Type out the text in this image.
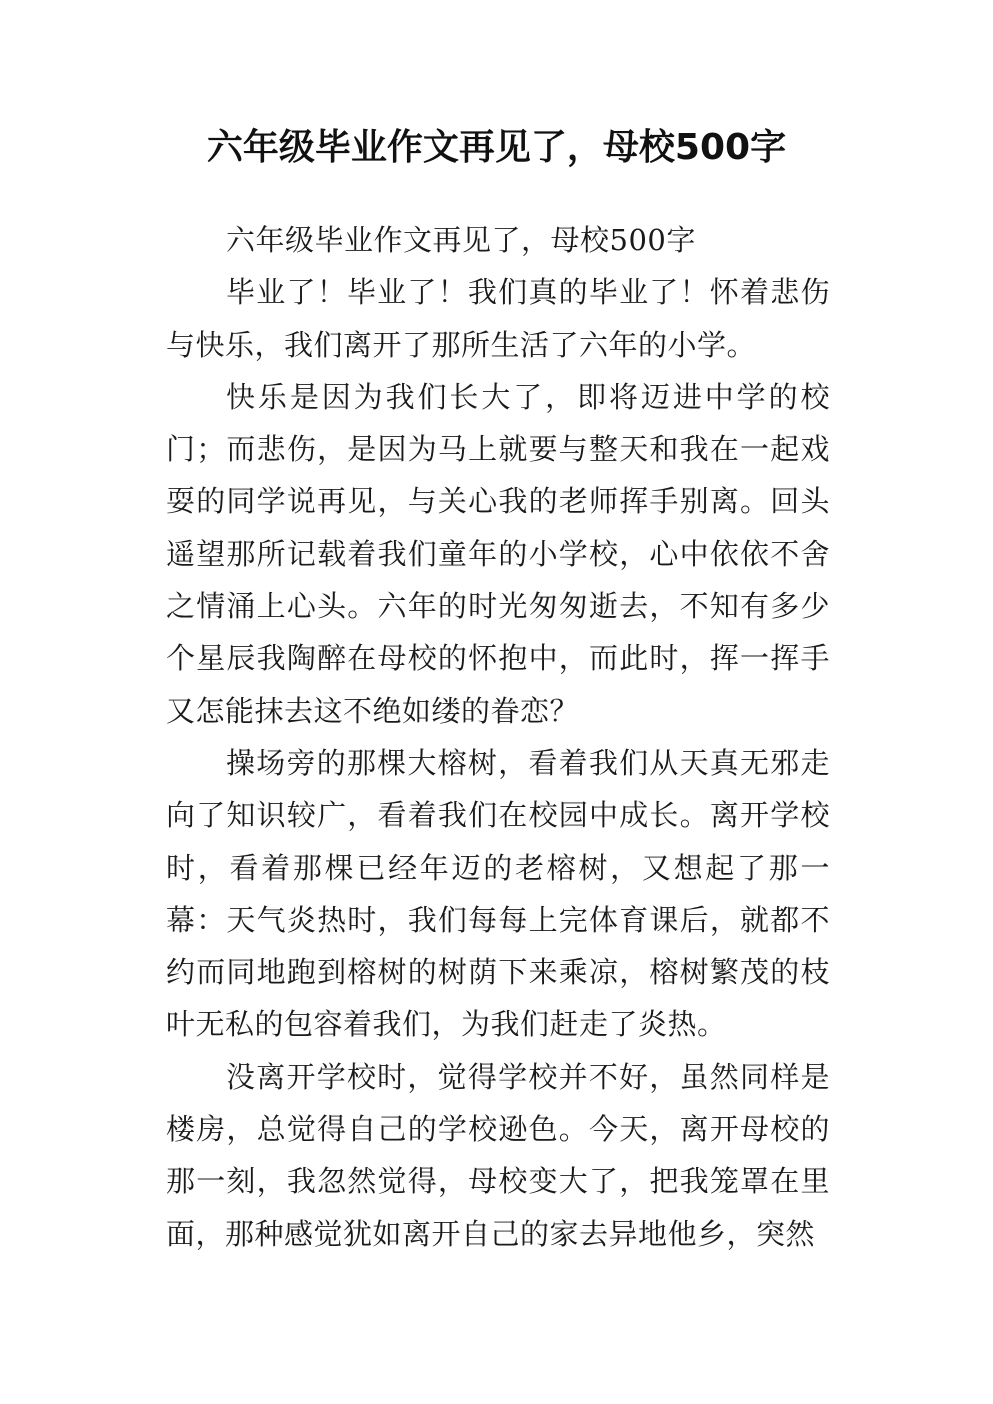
六年级毕业作文再见了，母校500字

六年级毕业作文再见了，母校500字

毕业了！毕业了！我们真的毕业了！怀着悲伤与快乐，我们离开了那所生活了六年的小学。

快乐是因为我们长大了，即将迈进中学的校门；而悲伤，是因为马上就要与整天和我在一起戏耍的同学说再见，与关心我的老师挥手别离。回头遥望那所记载着我们童年的小学校，心中依依不舍之情涌上心头。六年的时光匆匆逝去，不知有多少个星辰我陶醉在母校的怀抱中，而此时，挥一挥手又怎能抹去这不绝如缕的眷恋？

操场旁的那棵大榕树，看着我们从天真无邪走向了知识较广，看着我们在校园中成长。离开学校时，看着那棵已经年迈的老榕树，又想起了那一幕：天气炎热时，我们每每上完体育课后，就都不约而同地跑到榕树的树荫下来乘凉，榕树繁茂的枝叶无私的包容着我们，为我们赶走了炎热。

没离开学校时，觉得学校并不好，虽然同样是楼房，总觉得自己的学校逊色。今天，离开母校的那一刻，我忽然觉得，母校变大了，把我笼罩在里面，那种感觉犹如离开自己的家去异地他乡，突然
